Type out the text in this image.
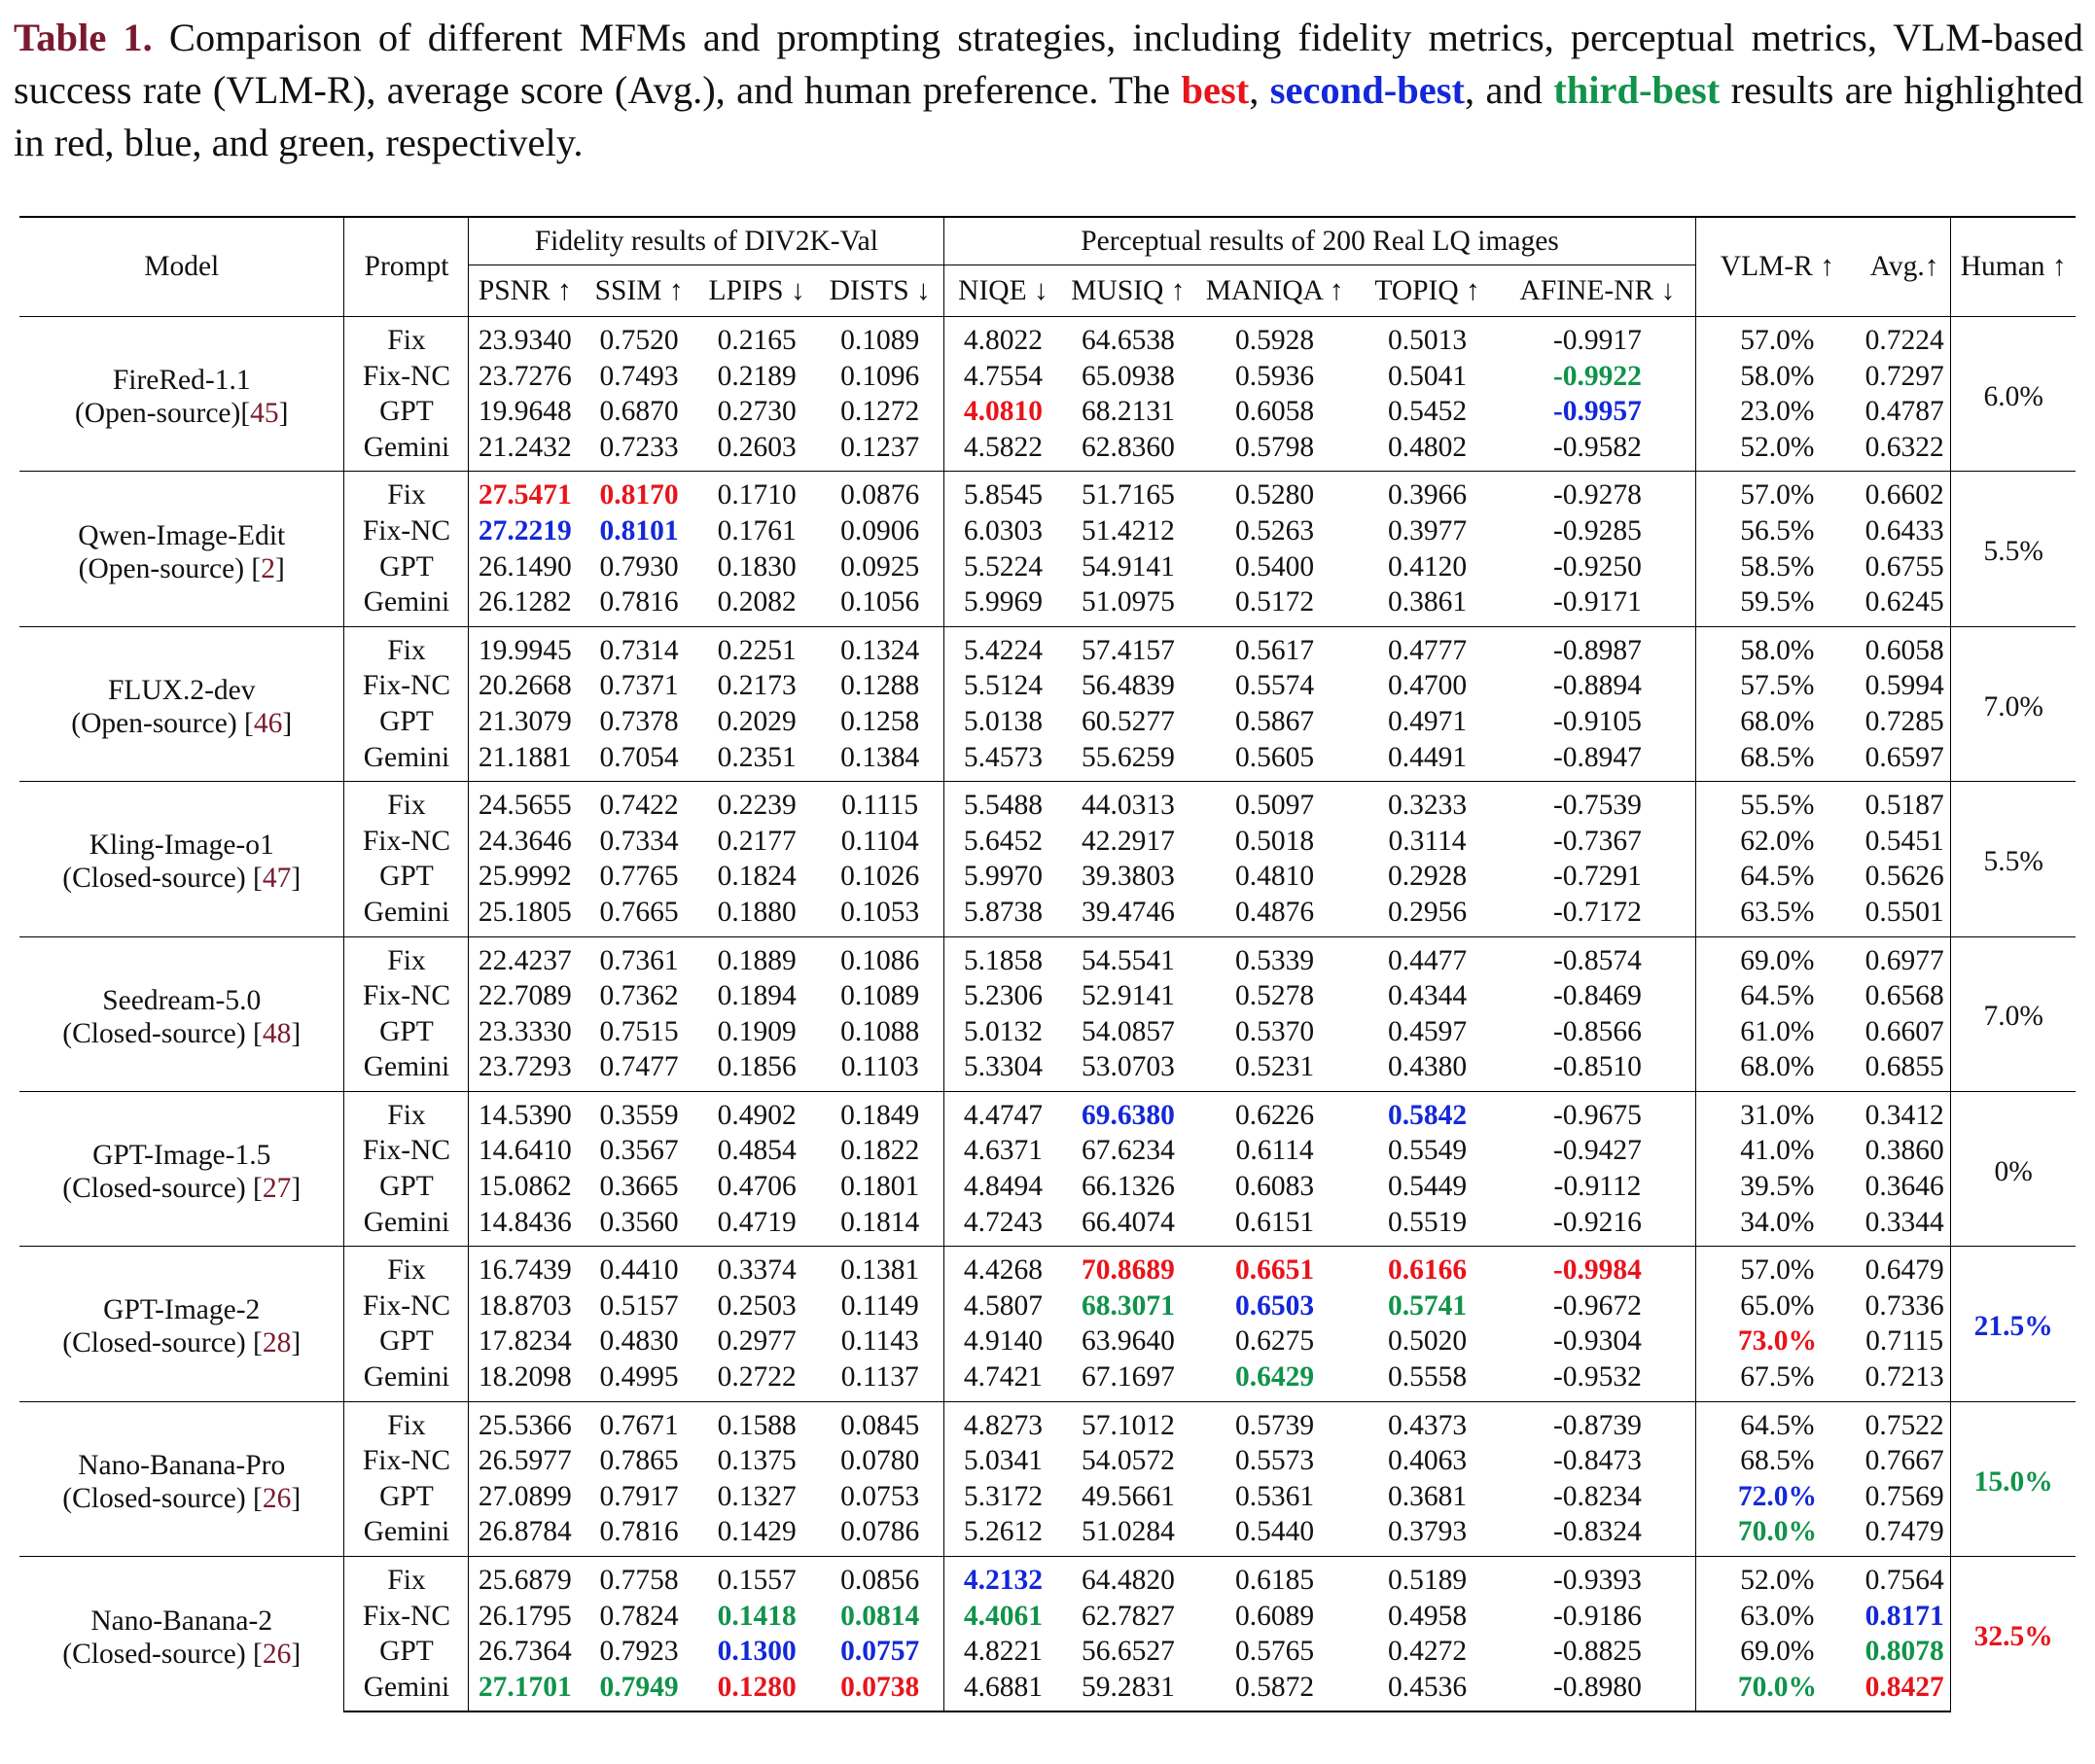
Table 1. Comparison of different MFMs and prompting strategies, including fidelity metrics, perceptual metrics, VLM-based success rate (VLM-R), average score (Avg.), and human preference. The best, second-best, and third-best results are highlighted in red, blue, and green, respectively.
Model	Prompt	Fidelity results of DIV2K-Val				Perceptual results of 200 Real LQ images					VLM-R ↑	Avg.↑	Human ↑
		PSNR ↑	SSIM ↑	LPIPS ↓	DISTS ↓	NIQE ↓	MUSIQ ↑	MANIQA ↑	TOPIQ ↑	AFINE-NR ↓			

FireRed-1.1
(Open-source)[45]	Fix	23.9340	0.7520	0.2165	0.1089	4.8022	64.6538	0.5928	0.5013	-0.9917	57.0%	0.7224	6.0%
	Fix-NC	23.7276	0.7493	0.2189	0.1096	4.7554	65.0938	0.5936	0.5041	-0.9922	58.0%	0.7297	
	GPT	19.9648	0.6870	0.2730	0.1272	4.0810	68.2131	0.6058	0.5452	-0.9957	23.0%	0.4787	
	Gemini	21.2432	0.7233	0.2603	0.1237	4.5822	62.8360	0.5798	0.4802	-0.9582	52.0%	0.6322	

Qwen-Image-Edit
(Open-source) [2]	Fix	27.5471	0.8170	0.1710	0.0876	5.8545	51.7165	0.5280	0.3966	-0.9278	57.0%	0.6602	5.5%
	Fix-NC	27.2219	0.8101	0.1761	0.0906	6.0303	51.4212	0.5263	0.3977	-0.9285	56.5%	0.6433	
	GPT	26.1490	0.7930	0.1830	0.0925	5.5224	54.9141	0.5400	0.4120	-0.9250	58.5%	0.6755	
	Gemini	26.1282	0.7816	0.2082	0.1056	5.9969	51.0975	0.5172	0.3861	-0.9171	59.5%	0.6245	

FLUX.2-dev
(Open-source) [46]	Fix	19.9945	0.7314	0.2251	0.1324	5.4224	57.4157	0.5617	0.4777	-0.8987	58.0%	0.6058	7.0%
	Fix-NC	20.2668	0.7371	0.2173	0.1288	5.5124	56.4839	0.5574	0.4700	-0.8894	57.5%	0.5994	
	GPT	21.3079	0.7378	0.2029	0.1258	5.0138	60.5277	0.5867	0.4971	-0.9105	68.0%	0.7285	
	Gemini	21.1881	0.7054	0.2351	0.1384	5.4573	55.6259	0.5605	0.4491	-0.8947	68.5%	0.6597	

Kling-Image-o1
(Closed-source) [47]	Fix	24.5655	0.7422	0.2239	0.1115	5.5488	44.0313	0.5097	0.3233	-0.7539	55.5%	0.5187	5.5%
	Fix-NC	24.3646	0.7334	0.2177	0.1104	5.6452	42.2917	0.5018	0.3114	-0.7367	62.0%	0.5451	
	GPT	25.9992	0.7765	0.1824	0.1026	5.9970	39.3803	0.4810	0.2928	-0.7291	64.5%	0.5626	
	Gemini	25.1805	0.7665	0.1880	0.1053	5.8738	39.4746	0.4876	0.2956	-0.7172	63.5%	0.5501	

Seedream-5.0
(Closed-source) [48]	Fix	22.4237	0.7361	0.1889	0.1086	5.1858	54.5541	0.5339	0.4477	-0.8574	69.0%	0.6977	7.0%
	Fix-NC	22.7089	0.7362	0.1894	0.1089	5.2306	52.9141	0.5278	0.4344	-0.8469	64.5%	0.6568	
	GPT	23.3330	0.7515	0.1909	0.1088	5.0132	54.0857	0.5370	0.4597	-0.8566	61.0%	0.6607	
	Gemini	23.7293	0.7477	0.1856	0.1103	5.3304	53.0703	0.5231	0.4380	-0.8510	68.0%	0.6855	

GPT-Image-1.5
(Closed-source) [27]	Fix	14.5390	0.3559	0.4902	0.1849	4.4747	69.6380	0.6226	0.5842	-0.9675	31.0%	0.3412	0%
	Fix-NC	14.6410	0.3567	0.4854	0.1822	4.6371	67.6234	0.6114	0.5549	-0.9427	41.0%	0.3860	
	GPT	15.0862	0.3665	0.4706	0.1801	4.8494	66.1326	0.6083	0.5449	-0.9112	39.5%	0.3646	
	Gemini	14.8436	0.3560	0.4719	0.1814	4.7243	66.4074	0.6151	0.5519	-0.9216	34.0%	0.3344	

GPT-Image-2
(Closed-source) [28]	Fix	16.7439	0.4410	0.3374	0.1381	4.4268	70.8689	0.6651	0.6166	-0.9984	57.0%	0.6479	21.5%
	Fix-NC	18.8703	0.5157	0.2503	0.1149	4.5807	68.3071	0.6503	0.5741	-0.9672	65.0%	0.7336	
	GPT	17.8234	0.4830	0.2977	0.1143	4.9140	63.9640	0.6275	0.5020	-0.9304	73.0%	0.7115	
	Gemini	18.2098	0.4995	0.2722	0.1137	4.7421	67.1697	0.6429	0.5558	-0.9532	67.5%	0.7213	

Nano-Banana-Pro
(Closed-source) [26]	Fix	25.5366	0.7671	0.1588	0.0845	4.8273	57.1012	0.5739	0.4373	-0.8739	64.5%	0.7522	15.0%
	Fix-NC	26.5977	0.7865	0.1375	0.0780	5.0341	54.0572	0.5573	0.4063	-0.8473	68.5%	0.7667	
	GPT	27.0899	0.7917	0.1327	0.0753	5.3172	49.5661	0.5361	0.3681	-0.8234	72.0%	0.7569	
	Gemini	26.8784	0.7816	0.1429	0.0786	5.2612	51.0284	0.5440	0.3793	-0.8324	70.0%	0.7479	

Nano-Banana-2
(Closed-source) [26]	Fix	25.6879	0.7758	0.1557	0.0856	4.2132	64.4820	0.6185	0.5189	-0.9393	52.0%	0.7564	32.5%
	Fix-NC	26.1795	0.7824	0.1418	0.0814	4.4061	62.7827	0.6089	0.4958	-0.9186	63.0%	0.8171	
	GPT	26.7364	0.7923	0.1300	0.0757	4.8221	56.6527	0.5765	0.4272	-0.8825	69.0%	0.8078	
	Gemini	27.1701	0.7949	0.1280	0.0738	4.6881	59.2831	0.5872	0.4536	-0.8980	70.0%	0.8427	
